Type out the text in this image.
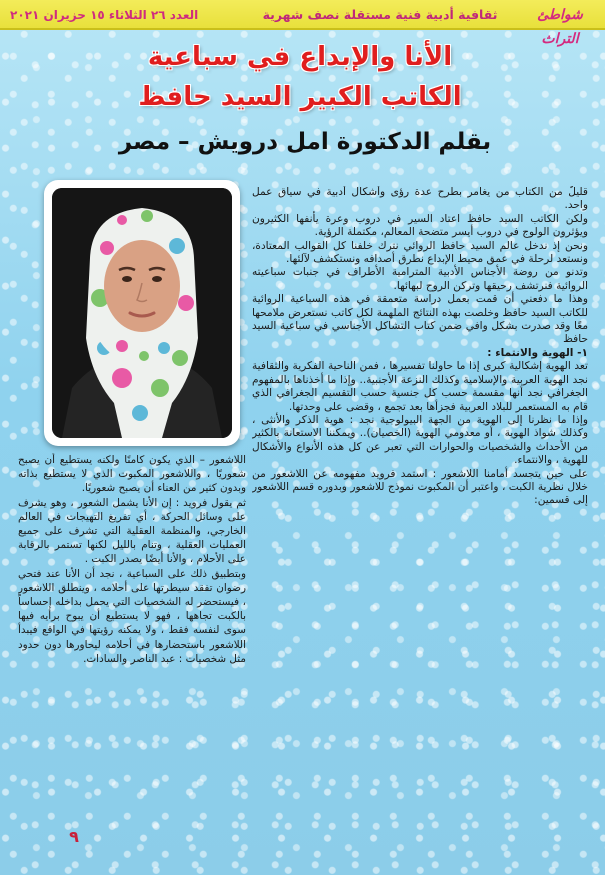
شواطئ التراث
ثقافية أدبية فنية مستقلة نصف شهرية
العدد ٢٦ الثلاثاء ١٥ حزيران ٢٠٢١
الأنا والإبداع في سباعية
الكاتب الكبير السيد حافظ
بقلم الدكتورة امل درويش – مصر

قليلٌ من الكتاب من يغامر بطرح عدة رؤى وأشكال أدبية في سياق عمل واحد.

ولكن الكاتب السيد حافظ اعتاد السير في دروب وعرة يأنفها الكثيرون ويؤثرون الولوج في دروب أيسر متضحة المعالم، مكتملة الرؤية.

ونحن إذ ندخل عالم السيد حافظ الروائي نترك خلفنا كل القوالب المعتادة، ونستعد لرحلة في عمق محيط الإبداع نطرق أصدافه ونستكشف لآلئها.

وتدنو من روضة الأجناس الأدبية المترامية الأطراف في جنبات سباعيته الروائية فنرتشف رحيقها وتركن الروح لبهائها.

وهذا ما دفعني أن قمت بعمل دراسة متعمقة في هذه السباعية الروائية للكاتب السيد حافظ وخلصت بهذه النتائج الملهمة لكل كاتب نستعرض ملامحها معًا وقد صدرت بشكل وافي ضمن كتاب التشاكل الأجناسي في سباعية السيد حافظ

١- الهوية والانتماء :

تعد الهوية إشكالية كبرى إذا ما حاولنا تفسيرها ، فمن الناحية الفكرية والثقافية نجد الهوية العربية والإسلامية وكذلك النزعة الأجنبية.. وإذا ما أخذناها بالمفهوم الجغرافي نجد أنها مقسمة حسب كل جنسية حسب التقسيم الجغرافي الذي قام به المستعمر للبلاد العربية فجزأها بعد تجمع ، وقضى على وحدتها.

وإذا ما نظرنا إلى الهوية من الجهة البيولوجية نجد : هوية الذكر والأنثى ، وكذلك شواذ الهوية ، أو معدومي الهوية (الخصيان).. ويمكننا الاستعانة بالكثير من الأحداث والشخصيات والحوارات التي تعبر عن كل هذه الأنواع والأشكال للهوية ، والانتماء.

على حين يتجسد أمامنا اللاشعور : استمد فرويد مفهومه عن اللاشعور من خلال نظرية الكبت ، واعتبر أن المكبوت نموذج للاشعور وبدوره قسم اللاشعور إلى قسمين:

اللاشعور – الذي يكون كامنًا ولكنه يستطيع أن يصبح شعوريًا ، واللاشعور المكبوت الذي لا يستطيع بذاته وبدون كثير من العناء أن يصبح شعوريًا.

ثم يقول فرويد : إن الأنا يشمل الشعور ، وهو يشرف على وسائل الحركة ، أي تفريغ التهيجات في العالم الخارجي، والمنظمة العقلية التي تشرف على جميع العمليات العقلية ، وتنام بالليل لكنها تستمر بالرقابة على الأحلام ، والأنا أيضًا يصدر الكبت .

وبتطبيق ذلك على السباعية ، نجد أن الأنا عند فتحي رضوان تفقد سيطرتها على أحلامه ، وينطلق اللاشعور ، فيستحضر له الشخصيات التي يحمل بداخله إحساساً بالكبت تجاهها ، فهو لا يستطيع أن يبوح برأيه فيها سوى لنفسه فقط ، ولا يمكنه رؤيتها في الواقع فيبدأ اللاشعور باستحضارها في أحلامه ليحاورها دون حدود مثل شخصيات : عبد الناصر والسادات.

٩
